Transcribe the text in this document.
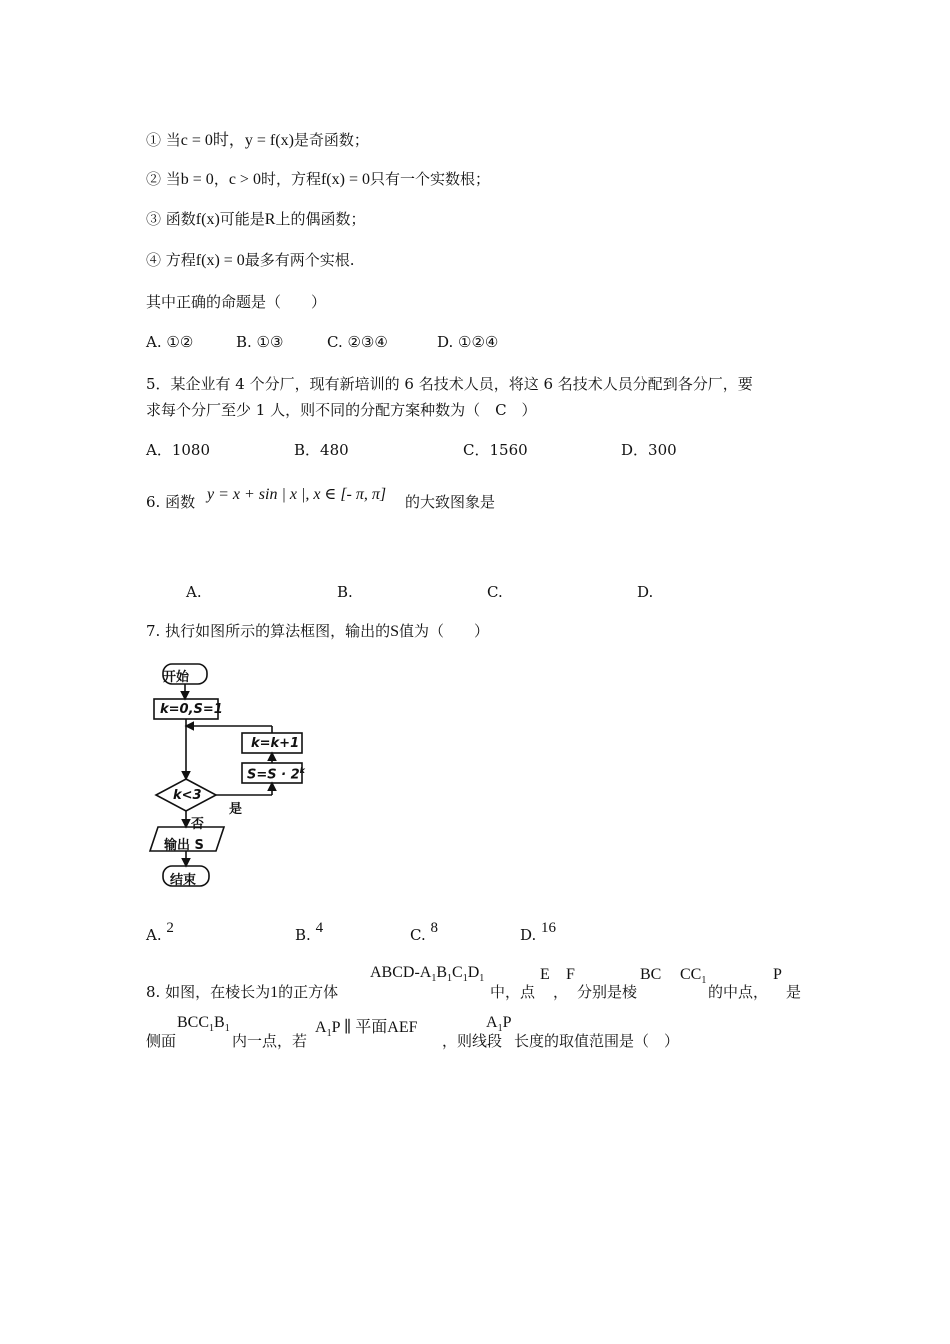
① 当c = 0时，y = f(x)是奇函数；
② 当b = 0，c > 0时，方程f(x) = 0只有一个实数根；
③ 函数f(x)可能是R上的偶函数；
④ 方程f(x) = 0最多有两个实根.
其中正确的命题是（　　）
A. ①②	B. ①③	C. ②③④	D. ①②④
5．某企业有 4 个分厂，现有新培训的 6 名技术人员，将这 6 名技术人员分配到各分厂，要
求每个分厂至少 1 人，则不同的分配方案种数为（　C　）
A．1080	B．480	C．1560	D．300
6. 函数 y = x + sin | x |, x ∈ [- π, π] 的大致图象是
A.	B.	C.	D.
7. 执行如图所示的算法框图，输出的S值为（　　）
开始
k=0,S=1
k=k+1
$S=S \cdot 2^k$
k<3
是
否
输出 S
结束
A. 2	B. 4	C. 8	D. 16
8. 如图，在棱长为1的正方体
ABCD-$A_1B_1C_1D_1$
中，点
E
，
F
分别是棱
BC $CC_1$
的中点，
P
是
侧面
$BCC_1B_1$
内一点，若
$A_1P$ ∥ 平面AEF
，则线段
$A_1P$
长度的取值范围是（　）
